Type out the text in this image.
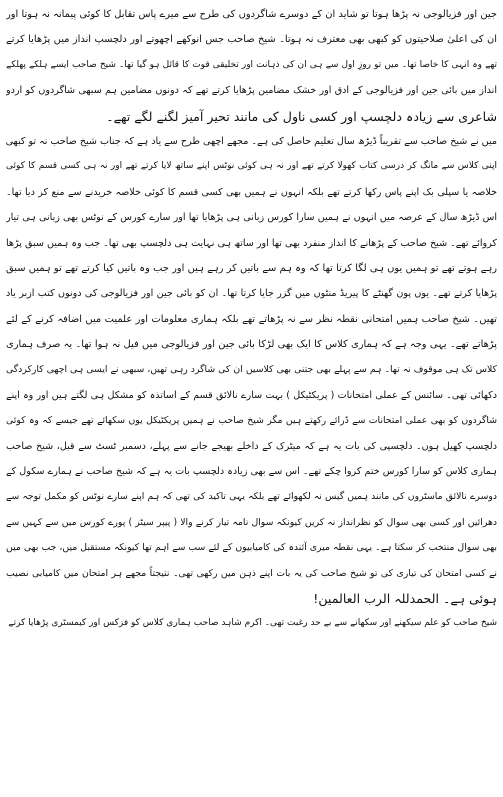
جین اور فزیالوجی نہ پڑھا ہوتا تو شاید ان کے دوسرے شاگردوں کی طرح سے میرے پاس تقابل کا کوئی پیمانہ نہ ہوتا اور
ان کی اعلیٰ صلاحیتوں کو کبھی بھی معترف نہ ہوتا۔ شیخ صاحب جس انوکھے اچھوتے اور دلچسپ انداز میں پڑھایا کرتے
تھے وہ انہی کا خاصا تھا۔ میں تو روزِ اول سے ہی ان کی ذہانت اور تخلیقی قوت کا قائل ہو گیا تھا۔ شیخ صاحب ایسے ہلکے پھلکے
انداز میں بائی جین اور فزیالوجی کے ادق اور خشک مضامین پڑھایا کرتے تھے کہ دونوں مضامین ہم سبھی شاگردوں کو اردو
شاعری سے زیادہ دلچسپ اور کسی ناول کی مانند تحیر آمیز لگنے لگے تھے۔
میں نے شیخ صاحب سے تقریباً ڈیڑھ سال تعلیم حاصل کی ہے۔ مجھے اچھی طرح سے یاد ہے کہ جناب شیخ صاحب نہ تو کبھی
اپنی کلاس سے مانگ کر درسی کتاب کھولا کرتے تھے اور نہ ہی کوئی نوٹس اپنے ساتھ لایا کرتے تھے اور نہ ہی کسی قسم کا کوئی
خلاصہ یا سپلی بک اپنے پاس رکھا کرتے تھے بلکہ انہوں نے ہمیں بھی کسی قسم کا کوئی خلاصہ خریدنے سے منع کر دیا تھا۔
اس ڈیڑھ سال کے عرصہ میں انہوں نے ہمیں سارا کورس زبانی ہی پڑھایا تھا اور سارے کورس کے نوٹس بھی زبانی ہی تیار
کروائے تھے۔ شیخ صاحب کے پڑھانے کا انداز منفرد بھی تھا اور ساتھ ہی نہایت ہی دلچسپ بھی تھا۔ جب وہ ہمیں سبق پڑھا
رہے ہوتے تھے تو ہمیں یوں ہی لگا کرتا تھا کہ وہ ہم سے باتیں کر رہے ہیں اور جب وہ باتیں کیا کرتے تھے تو ہمیں سبق
پڑھایا کرتے تھے۔ یوں پون گھنٹے کا پیریڈ منٹوں میں گزر جایا کرتا تھا۔ ان کو بائی جین اور فزیالوجی کی دونوں کتب ازبر یاد
تھیں۔ شیخ صاحب ہمیں امتحانی نقطہ نظر سے نہ پڑھاتے تھے بلکہ ہماری معلومات اور علمیت میں اضافہ کرنے کے لئے
پڑھاتے تھے۔ یہی وجہ ہے کہ ہماری کلاس کا ایک بھی لڑکا بائی جین اور فزیالوجی میں فیل نہ ہوا تھا۔ یہ صرف ہماری
کلاس تک ہی موقوف نہ تھا۔ ہم سے پہلے بھی جتنی بھی کلاسیں ان کی شاگرد رہی تھیں، سبھی نے ایسی ہی اچھی کارکردگی
دکھائی تھی۔ سائنس کے عملی امتحانات ( پریکٹیکل ) بہت سارے نالائق قسم کے اساتذہ کو مشکل ہی لگتے ہیں اور وہ اپنے
شاگردوں کو بھی عملی امتحانات سے ڈرائے رکھتے ہیں مگر شیخ صاحب نے ہمیں پریکٹیکل یوں سکھائے تھے جیسے کہ وہ کوئی
دلچسپ کھیل ہوں۔ دلچسپی کی بات یہ ہے کہ میٹرک کے داخلے بھیجے جانے سے پہلے، دسمبر ٹسٹ سے قبل، شیخ صاحب
ہماری کلاس کو سارا کورس ختم کروا چکے تھے۔ اس سے بھی زیادہ دلچسپ بات یہ ہے کہ شیخ صاحب نے ہمارے سکول کے
دوسرے نالائق ماسٹروں کی مانند ہمیں گیس نہ لکھوائے تھے بلکہ یہی تاکید کی تھی کہ ہم اپنے سارے نوٹس کو مکمل توجہ سے
دھرائیں اور کسی بھی سوال کو نظرانداز نہ کریں کیونکہ سوال نامہ تیار کرنے والا ( پیپر سیٹر ) پورے کورس میں سے کہیں سے
بھی سوال منتخب کر سکتا ہے۔ یہی نقطہ میری آئندہ کی کامیابیوں کے لئے سب سے اہم تھا کیونکہ مستقبل میں، جب بھی میں
نے کسی امتحان کی تیاری کی تو شیخ صاحب کی یہ بات اپنے ذہن میں رکھی تھی۔ نتیجتاً مجھے ہر امتحان میں کامیابی نصیب
ہوئی ہے۔ الحمدللہ الرب العالمین!
شیخ صاحب کو علم سیکھنے اور سکھانے سے بے حد رغبت تھی۔ اکرم شاہد صاحب ہماری کلاس کو فزکس اور کیمسٹری پڑھایا کرتے
